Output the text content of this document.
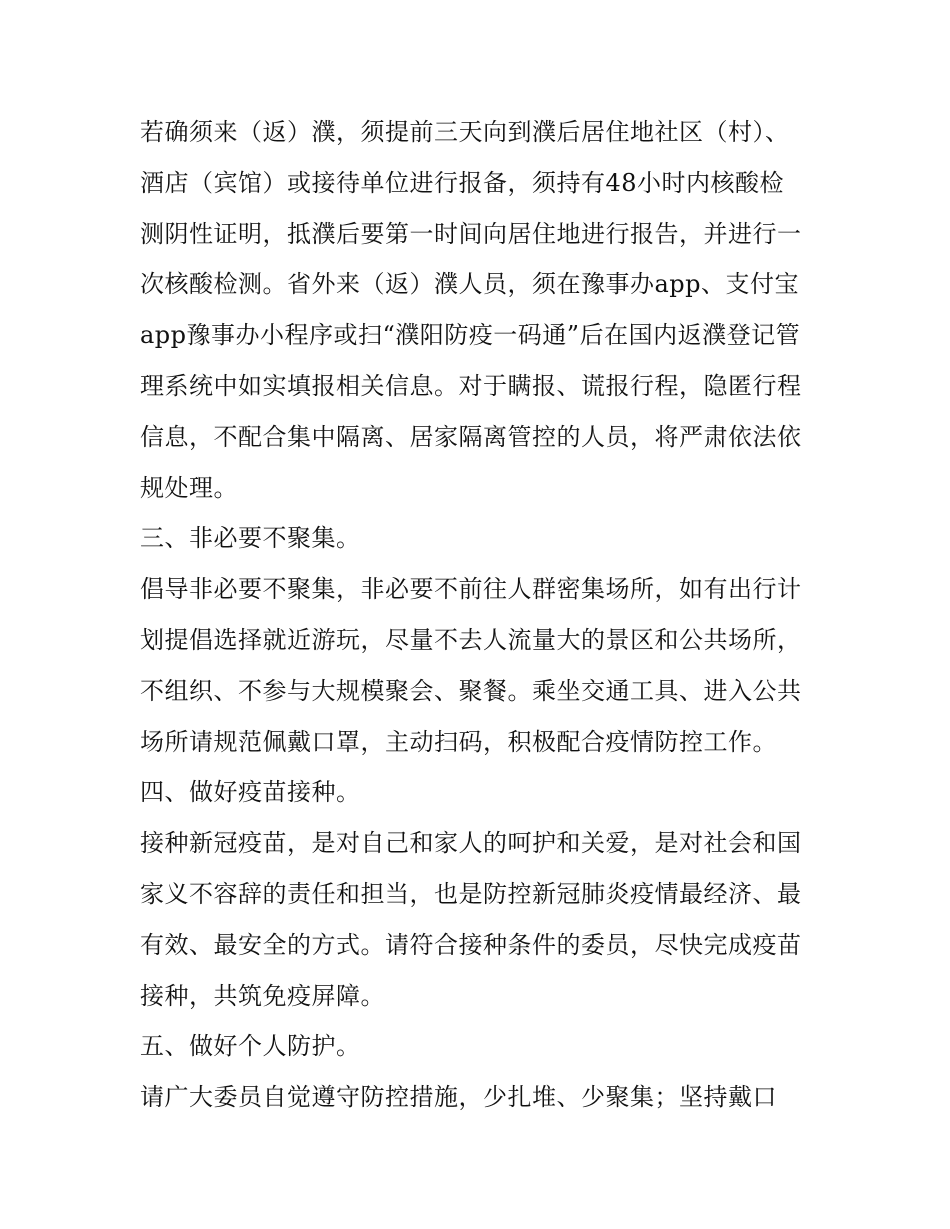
若确须来（返）濮，须提前三天向到濮后居住地社区（村）、

酒店（宾馆）或接待单位进行报备，须持有48小时内核酸检

测阴性证明，抵濮后要第一时间向居住地进行报告，并进行一

次核酸检测。省外来（返）濮人员，须在豫事办app、支付宝

app豫事办小程序或扫“濮阳防疫一码通”后在国内返濮登记管

理系统中如实填报相关信息。对于瞒报、谎报行程，隐匿行程

信息，不配合集中隔离、居家隔离管控的人员，将严肃依法依

规处理。

三、非必要不聚集。

倡导非必要不聚集，非必要不前往人群密集场所，如有出行计

划提倡选择就近游玩，尽量不去人流量大的景区和公共场所，

不组织、不参与大规模聚会、聚餐。乘坐交通工具、进入公共

场所请规范佩戴口罩，主动扫码，积极配合疫情防控工作。

四、做好疫苗接种。

接种新冠疫苗，是对自己和家人的呵护和关爱，是对社会和国

家义不容辞的责任和担当，也是防控新冠肺炎疫情最经济、最

有效、最安全的方式。请符合接种条件的委员，尽快完成疫苗

接种，共筑免疫屏障。

五、做好个人防护。

请广大委员自觉遵守防控措施，少扎堆、少聚集；坚持戴口
